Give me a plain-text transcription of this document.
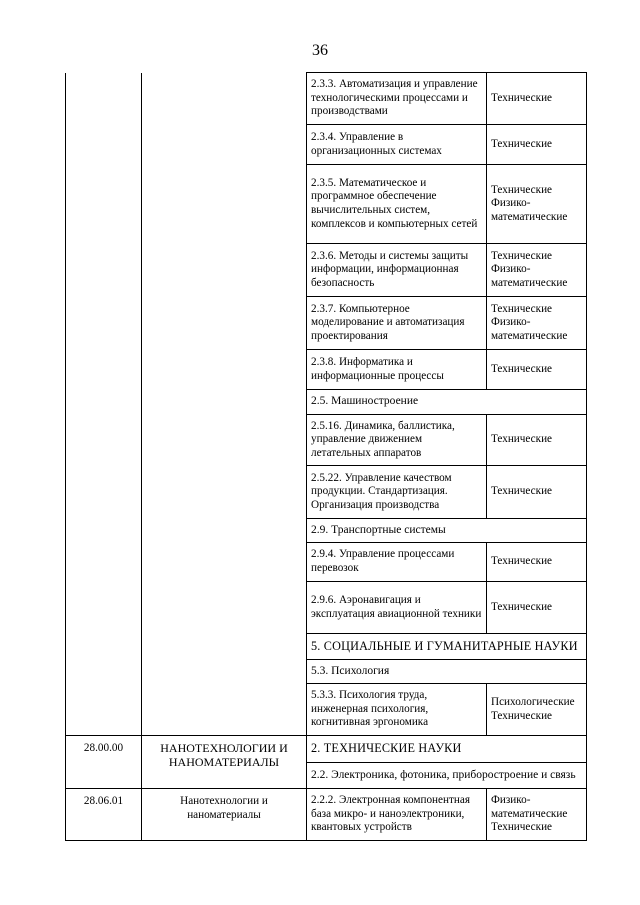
36
		2.3.3. Автоматизация и управление технологическими процессами и производствами	Технические
		2.3.4. Управление в организационных системах	Технические
		2.3.5. Математическое и программное обеспечение вычислительных систем, комплексов и компьютерных сетей	Технические Физико-математические
		2.3.6. Методы и системы защиты информации, информационная безопасность	Технические Физико-математические
		2.3.7. Компьютерное моделирование и автоматизация проектирования	Технические Физико-математические
		2.3.8. Информатика и информационные процессы	Технические
		2.5. Машиностроение	
		2.5.16. Динамика, баллистика, управление движением летательных аппаратов	Технические
		2.5.22. Управление качеством продукции. Стандартизация. Организация производства	Технические
		2.9. Транспортные системы	
		2.9.4. Управление процессами перевозок	Технические
		2.9.6. Аэронавигация и эксплуатация авиационной техники	Технические
		5. СОЦИАЛЬНЫЕ И ГУМАНИТАРНЫЕ НАУКИ	
		5.3. Психология	
		5.3.3. Психология труда, инженерная психология, когнитивная эргономика	Психологические Технические
28.00.00	НАНОТЕХНОЛОГИИ И НАНОМАТЕРИАЛЫ	2. ТЕХНИЧЕСКИЕ НАУКИ	
		2.2. Электроника, фотоника, приборостроение и связь	
28.06.01	Нанотехнологии и наноматериалы	2.2.2. Электронная компонентная база микро- и наноэлектроники, квантовых устройств	Физико-математические Технические
